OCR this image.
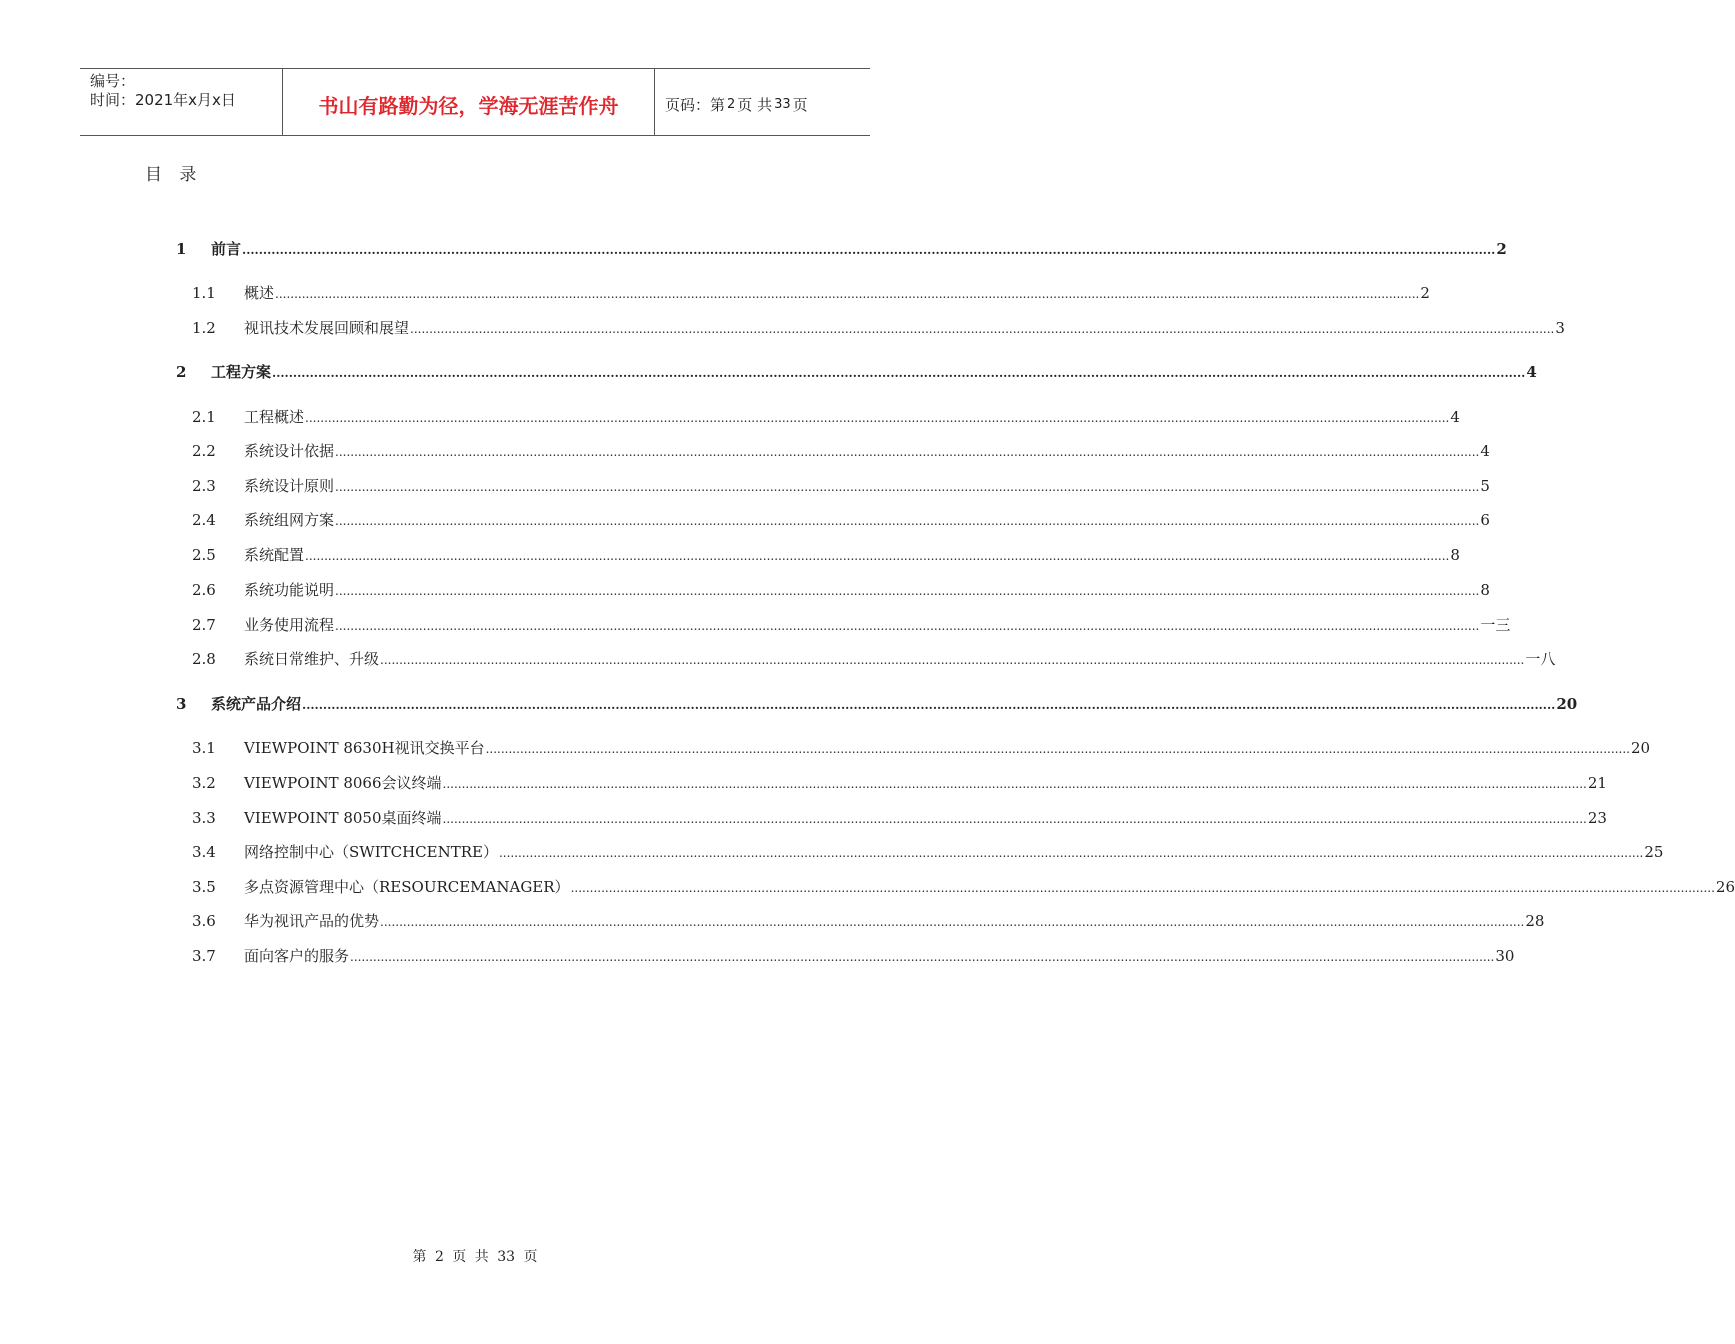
编号：
时间：2021年x月x日	书山有路勤为径，学海无涯苦作舟	页码：第 2 页 共 33 页
目 录
1 前言 ............................................................................................................................................................................................................................................................................................................ 2
1.1 概述 ............................................................................................................................................................................................................................................................................................................ 2
1.2 视讯技术发展回顾和展望 ............................................................................................................................................................................................................................................................................................................ 3
2 工程方案 ............................................................................................................................................................................................................................................................................................................ 4
2.1 工程概述 ............................................................................................................................................................................................................................................................................................................ 4
2.2 系统设计依据 ............................................................................................................................................................................................................................................................................................................ 4
2.3 系统设计原则 ............................................................................................................................................................................................................................................................................................................ 5
2.4 系统组网方案 ............................................................................................................................................................................................................................................................................................................ 6
2.5 系统配置 ............................................................................................................................................................................................................................................................................................................ 8
2.6 系统功能说明 ............................................................................................................................................................................................................................................................................................................ 8
2.7 业务使用流程 ............................................................................................................................................................................................................................................................................................................ 一三
2.8 系统日常维护、升级 ............................................................................................................................................................................................................................................................................................................ 一八
3 系统产品介绍 ............................................................................................................................................................................................................................................................................................................ 20
3.1 VIEWPOINT 8630H视讯交换平台 ............................................................................................................................................................................................................................................................................................................ 20
3.2 VIEWPOINT 8066会议终端 ............................................................................................................................................................................................................................................................................................................ 21
3.3 VIEWPOINT 8050桌面终端 ............................................................................................................................................................................................................................................................................................................ 23
3.4 网络控制中心（SWITCHCENTRE） ............................................................................................................................................................................................................................................................................................................ 25
3.5 多点资源管理中心（RESOURCEMANAGER） ............................................................................................................................................................................................................................................................................................................ 26
3.6 华为视讯产品的优势 ............................................................................................................................................................................................................................................................................................................ 28
3.7 面向客户的服务 ............................................................................................................................................................................................................................................................................................................ 30
第 2 页 共 33 页
